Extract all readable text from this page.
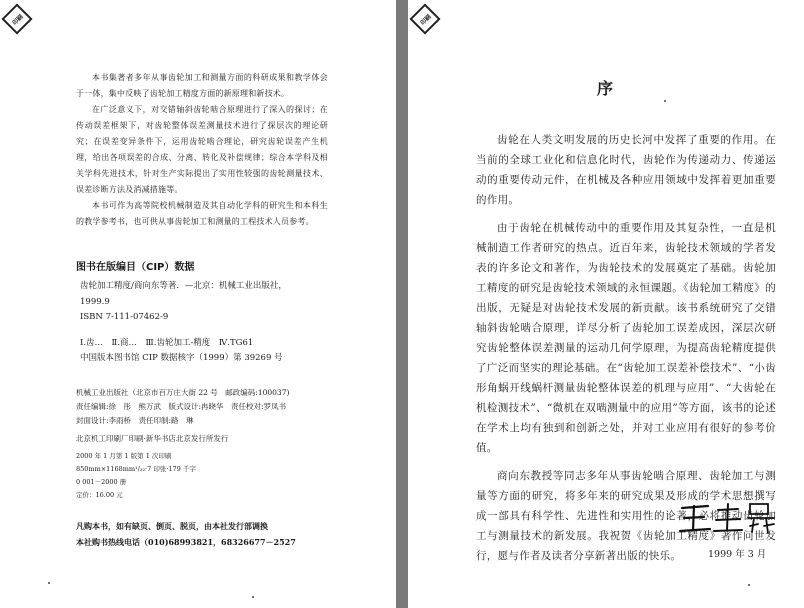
印刷

本书集著者多年从事齿轮加工和测量方面的科研成果和教学体会于一体，集中反映了齿轮加工精度方面的新原理和新技术。

在广泛意义下，对交错轴斜齿轮啮合原理进行了深入的探讨；在传动误差框架下，对齿轮整体误差测量技术进行了探层次的理论研究；在误差变异条件下，运用齿轮啮合理论，研究齿轮误差产生机理，给出各项误差的合成、分离、转化及补偿规律；综合本学科及相关学科先进技术，针对生产实际提出了实用性较强的齿轮测量技术、误差诊断方法及消减措施等。

本书可作为高等院校机械制造及其自动化学科的研究生和本科生的教学参考书，也可供从事齿轮加工和测量的工程技术人员参考。

图书在版编目（CIP）数据
齿轮加工精度/商向东等著．—北京：机械工业出版社，
1999.9
ISBN 7-111-07462-9
Ⅰ.齿…　Ⅱ.商…　Ⅲ.齿轮加工-精度　Ⅳ.TG61
中国版本图书馆 CIP 数据核字（1999）第 39269 号
机械工业出版社（北京市百万庄大街 22 号　邮政编码:100037)
责任编辑:徐　彤　熊万武　版式设计:冉晓华　责任校对:罗凤书
封面设计:李雨桥　责任印制:路　琳
北京机工印刷厂印刷·新华书店北京发行所发行
2000 年 1 月第 1 版第 1 次印刷
850mm×1168mm¹/₃₂·7 印张·179 千字
0 001－2000 册
定价：16.00 元
凡购本书，如有缺页、倒页、脱页，由本社发行部调换
本社购书热线电话（010)68993821，68326677－2527
印刷
序

齿轮在人类文明发展的历史长河中发挥了重要的作用。在当前的全球工业化和信息化时代，齿轮作为传递动力、传递运动的重要传动元件，在机械及各种应用领域中发挥着更加重要的作用。

由于齿轮在机械传动中的重要作用及其复杂性，一直是机械制造工作者研究的热点。近百年来，齿轮技术领域的学者发表的许多论文和著作，为齿轮技术的发展奠定了基础。齿轮加工精度的研究是齿轮技术领域的永恒课题。《齿轮加工精度》的出版，无疑是对齿轮技术发展的新贡献。该书系统研究了交错轴斜齿轮啮合原理，详尽分析了齿轮加工误差成因，深层次研究齿轮整体误差测量的运动几何学原理，为提高齿轮精度提供了广泛而坚实的理论基础。在“齿轮加工误差补偿技术”、“小齿形角蜗开线蜗杆测量齿轮整体误差的机理与应用”、“大齿轮在机检测技术”、“微机在双啮测量中的应用”等方面，该书的论述在学术上均有独到和创新之处，并对工业应用有很好的参考价值。

商向东教授等同志多年从事齿轮啮合原理、齿轮加工与测量等方面的研究，将多年来的研究成果及形成的学术思想撰写成一部具有科学性、先进性和实用性的论著，必将推动齿轮加工与测量技术的新发展。我祝贺《齿轮加工精度》著作问世发行，愿与作者及读者分享新著出版的快乐。	1999 年 3 月
